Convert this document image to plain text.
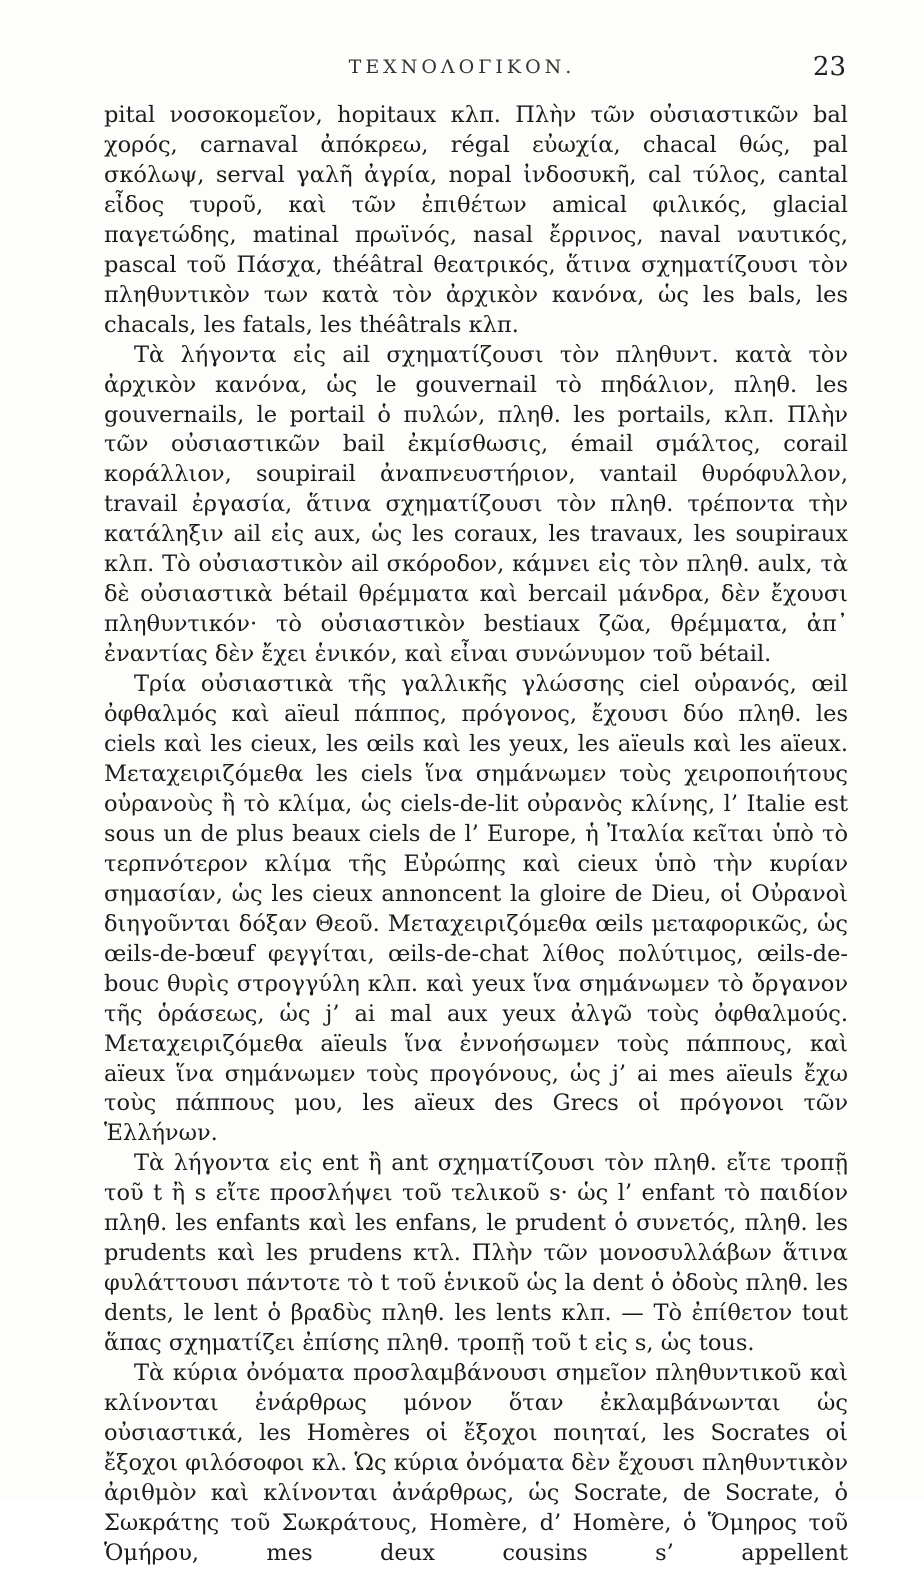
ΤΕΧΝΟΛΟΓΙΚΟΝ.	23

pital νοσοκομεῖον, hopitaux κλπ. Πλὴν τῶν οὐσιαστικῶν bal χορός, carnaval ἀπόκρεω, régal εὐωχία, chacal θώς, pal σκόλωψ, serval γαλῆ ἀγρία, nopal ἰνδοσυκῆ, cal τύλος, cantal εἶδος τυροῦ, καὶ τῶν ἐπιθέτων amical φιλικός, glacial παγετώδης, matinal πρωϊνός, nasal ἔρρινος, naval ναυτικός, pascal τοῦ Πάσχα, théâtral θεατρικός, ἅτινα σχηματίζουσι τὸν πληθυντικὸν των κατὰ τὸν ἀρχικὸν κανόνα, ὡς les bals, les chacals, les fatals, les théâtrals κλπ.

Τὰ λήγοντα εἰς ail σχηματίζουσι τὸν πληθυντ. κατὰ τὸν ἀρχικὸν κανόνα, ὡς le gouvernail τὸ πηδάλιον, πληθ. les gouvernails, le portail ὁ πυλών, πληθ. les portails, κλπ. Πλὴν τῶν οὐσιαστικῶν bail ἐκμίσθωσις, émail σμάλτος, corail κοράλλιον, soupirail ἀναπνευστήριον, vantail θυρόφυλλον, travail ἐργασία, ἅτινα σχηματίζουσι τὸν πληθ. τρέποντα τὴν κατάληξιν ail εἰς aux, ὡς les coraux, les travaux, les soupiraux κλπ. Τὸ οὐσιαστικὸν ail σκόροδον, κάμνει εἰς τὸν πληθ. aulx, τὰ δὲ οὐσιαστικὰ bétail θρέμματα καὶ bercail μάνδρα, δὲν ἔχουσι πληθυντικόν· τὸ οὐσιαστικὸν bestiaux ζῶα, θρέμματα, ἀπ᾽ ἐναντίας δὲν ἔχει ἑνικόν, καὶ εἶναι συνώνυμον τοῦ bétail.

Τρία οὐσιαστικὰ τῆς γαλλικῆς γλώσσης ciel οὐρανός, œil ὀφθαλμός καὶ aïeul πάππος, πρόγονος, ἔχουσι δύο πληθ. les ciels καὶ les cieux, les œils καὶ les yeux, les aïeuls καὶ les aïeux. Μεταχειριζόμεθα les ciels ἵνα σημάνωμεν τοὺς χειροποιήτους οὐρανοὺς ἢ τὸ κλίμα, ὡς ciels-de-lit οὐρανὸς κλίνης, l’ Italie est sous un de plus beaux ciels de l’ Europe, ἡ Ἰταλία κεῖται ὑπὸ τὸ τερπνότερον κλίμα τῆς Εὐρώπης καὶ cieux ὑπὸ τὴν κυρίαν σημασίαν, ὡς les cieux annoncent la gloire de Dieu, οἱ Οὐρανοὶ διηγοῦνται δόξαν Θεοῦ. Μεταχειριζόμεθα œils μεταφορικῶς, ὡς œils-de-bœuf φεγγίται, œils-de-chat λίθος πολύτιμος, œils-de-bouc θυρὶς στρογγύλη κλπ. καὶ yeux ἵνα σημάνωμεν τὸ ὄργανον τῆς ὁράσεως, ὡς j’ ai mal aux yeux ἀλγῶ τοὺς ὀφθαλμούς. Μεταχειριζόμεθα aïeuls ἵνα ἐννοήσωμεν τοὺς πάππους, καὶ aïeux ἵνα σημάνωμεν τοὺς προγόνους, ὡς j’ ai mes aïeuls ἔχω τοὺς πάππους μου, les aïeux des Grecs οἱ πρόγονοι τῶν Ἑλλήνων.

Τὰ λήγοντα εἰς ent ἢ ant σχηματίζουσι τὸν πληθ. εἴτε τροπῇ τοῦ t ἢ s εἴτε προσλήψει τοῦ τελικοῦ s· ὡς l’ enfant τὸ παιδίον πληθ. les enfants καὶ les enfans, le prudent ὁ συνετός, πληθ. les prudents καὶ les prudens κτλ. Πλὴν τῶν μονοσυλλάβων ἅτινα φυλάττουσι πάντοτε τὸ t τοῦ ἑνικοῦ ὡς la dent ὁ ὀδοὺς πληθ. les dents, le lent ὁ βραδὺς πληθ. les lents κλπ. — Τὸ ἐπίθετον tout ἅπας σχηματίζει ἐπίσης πληθ. τροπῇ τοῦ t εἰς s, ὡς tous.

Τὰ κύρια ὀνόματα προσλαμβάνουσι σημεῖον πληθυντικοῦ καὶ κλίνονται ἐνάρθρως μόνον ὅταν ἐκλαμβάνωνται ὡς οὐσιαστικά, les Homères οἱ ἔξοχοι ποιηταί, les Socrates οἱ ἔξοχοι φιλόσοφοι κλ. Ὡς κύρια ὀνόματα δὲν ἔχουσι πληθυντικὸν ἀριθμὸν καὶ κλίνονται ἀνάρθρως, ὡς Socrate, de Socrate, ὁ Σωκράτης τοῦ Σωκράτους, Homère, d’ Homère, ὁ Ὅμηρος τοῦ Ὁμήρου, mes deux cousins s’ appellent
